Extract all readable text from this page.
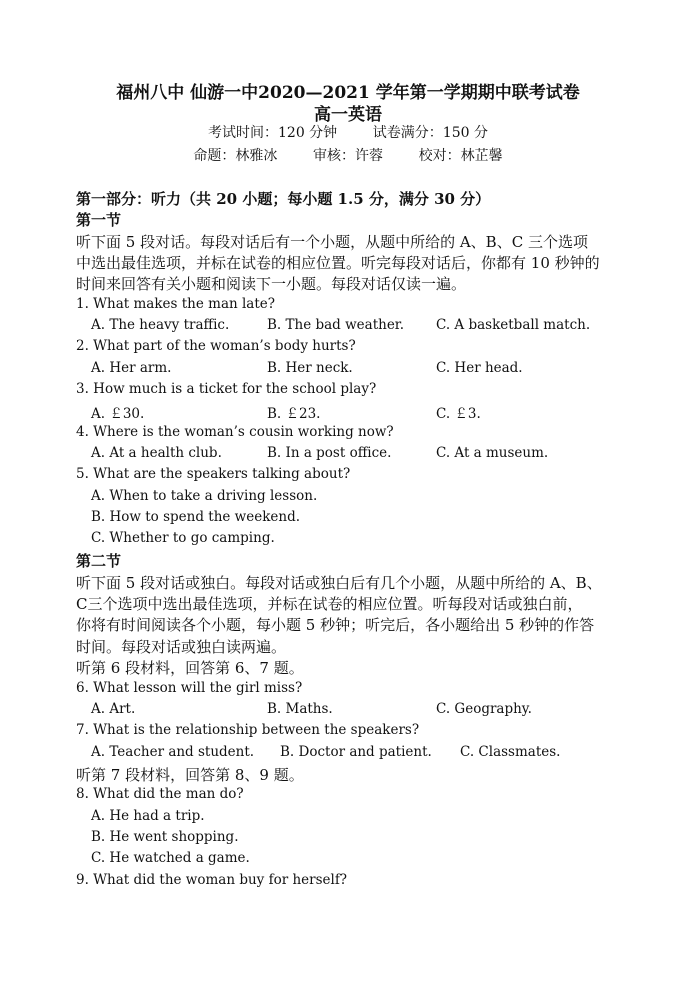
福州八中 仙游一中2020—2021 学年第一学期期中联考试卷
高一英语
考试时间：120 分钟        试卷满分：150 分
命题：林雅冰        审核：许蓉        校对：林芷馨
第一部分：听力（共 20 小题；每小题 1.5 分，满分 30 分）
第一节
听下面 5 段对话。每段对话后有一个小题，从题中所给的 A、B、C 三个选项
中选出最佳选项，并标在试卷的相应位置。听完每段对话后，你都有 10 秒钟的
时间来回答有关小题和阅读下一小题。每段对话仅读一遍。
1. What makes the man late?
A. The heavy traffic.	B. The bad weather. C. A basketball match.
2. What part of the woman’s body hurts?
A. Her arm.	B. Her neck.	C. Her head.
3. How much is a ticket for the school play?
A. ￡30.	B. ￡23.	C. ￡3.
4. Where is the woman’s cousin working now?
A. At a health club.	B. In a post office.	C. At a museum.
5. What are the speakers talking about?
A. When to take a driving lesson.
B. How to spend the weekend.
C. Whether to go camping.
第二节
听下面 5 段对话或独白。每段对话或独白后有几个小题，从题中所给的 A、B、
C三个选项中选出最佳选项，并标在试卷的相应位置。听每段对话或独白前，
你将有时间阅读各个小题，每小题 5 秒钟；听完后，各小题给出 5 秒钟的作答
时间。每段对话或独白读两遍。
听第 6 段材料，回答第 6、7 题。
6. What lesson will the girl miss?
A. Art.	B. Maths.	C. Geography.
7. What is the relationship between the speakers?
A. Teacher and student. B. Doctor and patient. C. Classmates.
听第 7 段材料，回答第 8、9 题。
8. What did the man do?
A. He had a trip.
B. He went shopping.
C. He watched a game.
9. What did the woman buy for herself?
